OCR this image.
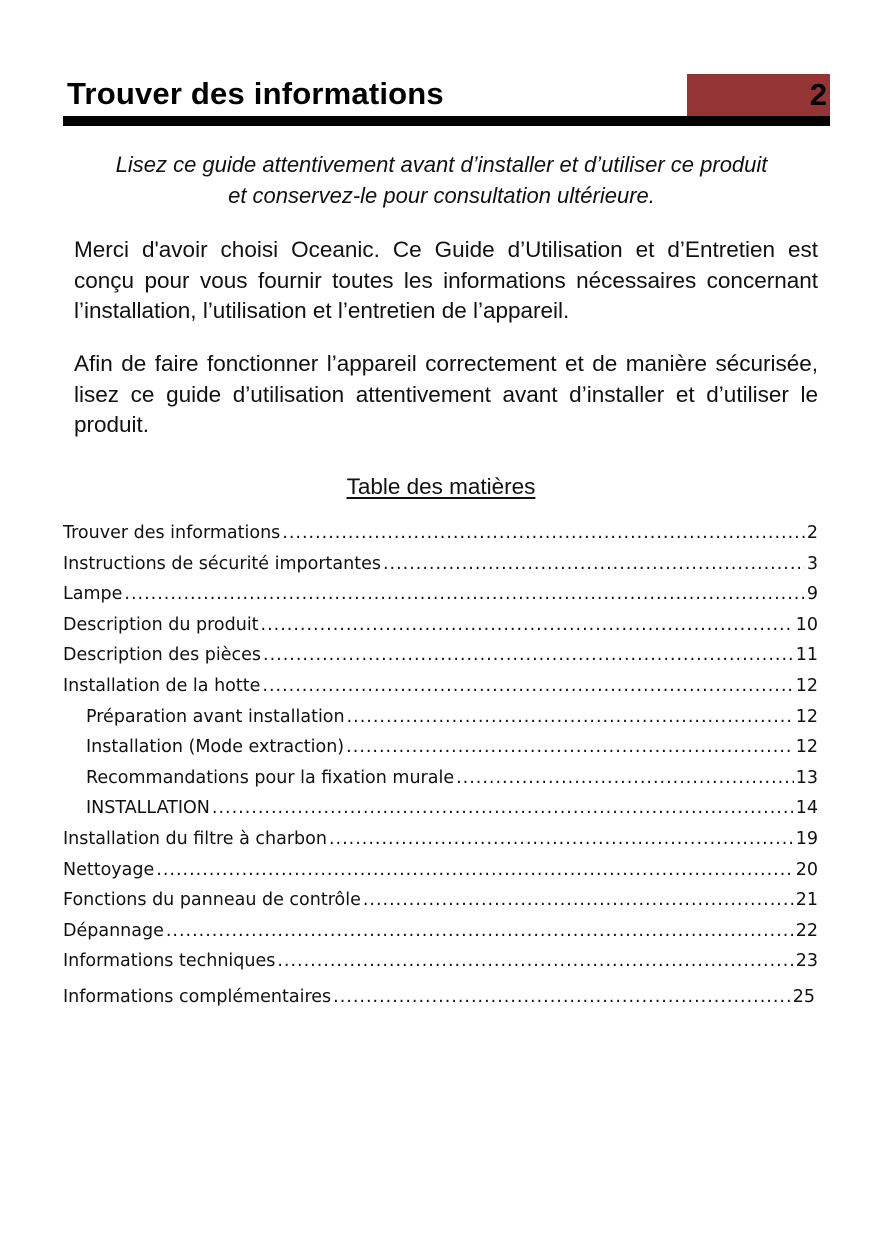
Trouver des informations	2
Lisez ce guide attentivement avant d’installer et d’utiliser ce produit
et conservez-le pour consultation ultérieure.
Merci d'avoir choisi Oceanic. Ce Guide d’Utilisation et d’Entretien est conçu pour vous fournir toutes les informations nécessaires concernant l’installation, l’utilisation et l’entretien de l’appareil.
Afin de faire fonctionner l’appareil correctement et de manière sécurisée, lisez ce guide d’utilisation attentivement avant d’installer et d’utiliser le produit.
Table des matières
Trouver des informations .....	2
Instructions de sécurité importantes .....	3
Lampe .....	9
Description du produit .....	10
Description des pièces .....	11
Installation de la hotte .....	12
Préparation avant installation .....	12
Installation (Mode extraction) .....	12
Recommandations pour la fixation murale .....	13
INSTALLATION .....	14
Installation du filtre à charbon .....	19
Nettoyage .....	20
Fonctions du panneau de contrôle .....	21
Dépannage .....	22
Informations techniques .....	23
Informations complémentaires .....	25
